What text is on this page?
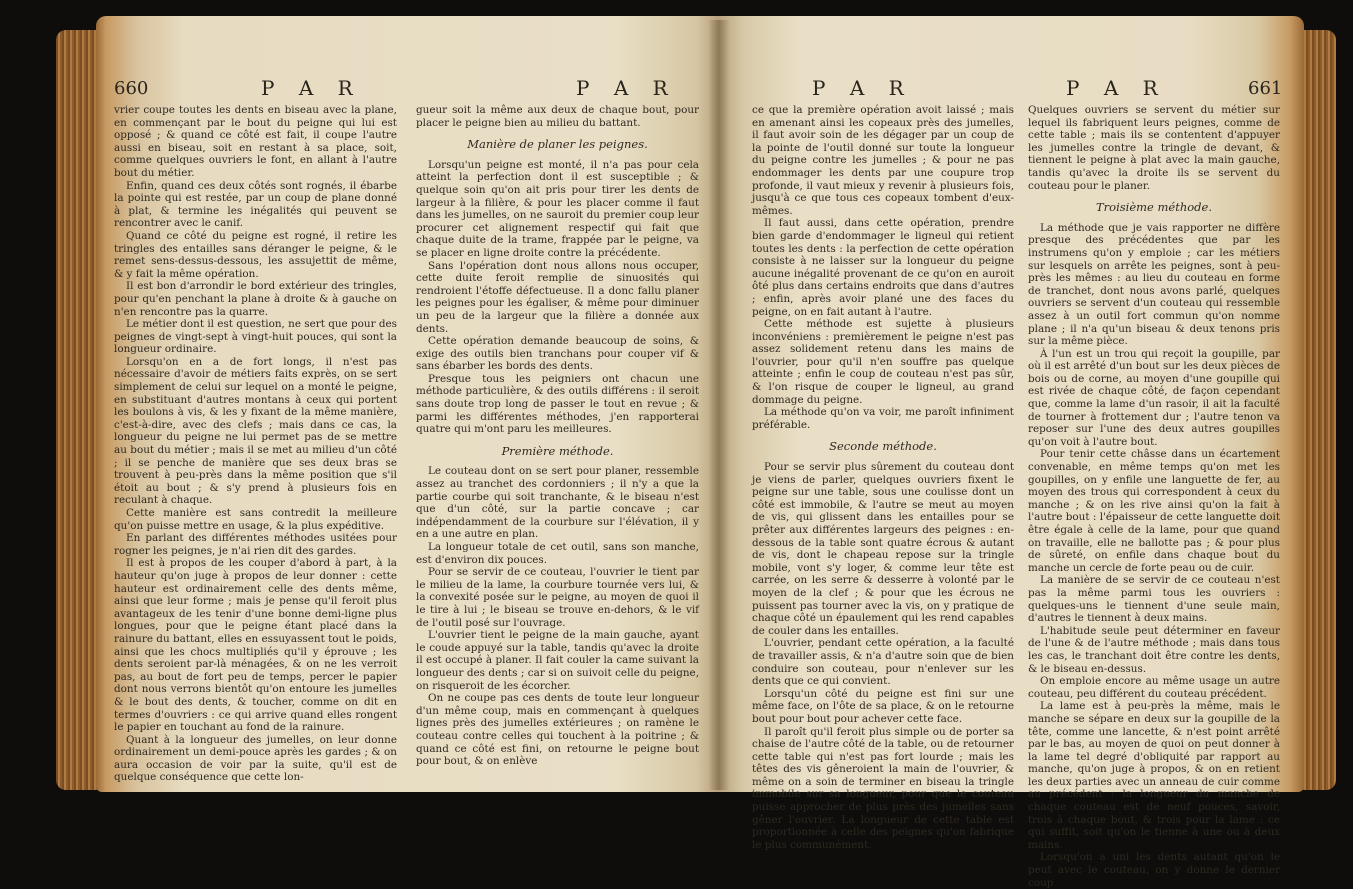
660	P A R	P A R

vrier coupe toutes les dents en biseau avec la plane, en commençant par le bout du peigne qui lui est opposé ; & quand ce côté est fait, il coupe l'autre aussi en biseau, soit en restant à sa place, soit, comme quelques ouvriers le font, en allant à l'autre bout du métier.

Enfin, quand ces deux côtés sont rognés, il ébarbe la pointe qui est restée, par un coup de plane donné à plat, & termine les inégalités qui peuvent se rencontrer avec le canif.

Quand ce côté du peigne est rogné, il retire les tringles des entailles sans déranger le peigne, & le remet sens-dessus-dessous, les assujettit de même, & y fait la même opération.

Il est bon d'arrondir le bord extérieur des tringles, pour qu'en penchant la plane à droite & à gauche on n'en rencontre pas la quarre.

Le métier dont il est question, ne sert que pour des peignes de vingt-sept à vingt-huit pouces, qui sont la longueur ordinaire.

Lorsqu'on en a de fort longs, il n'est pas nécessaire d'avoir de métiers faits exprès, on se sert simplement de celui sur lequel on a monté le peigne, en substituant d'autres montans à ceux qui portent les boulons à vis, & les y fixant de la même manière, c'est-à-dire, avec des clefs ; mais dans ce cas, la longueur du peigne ne lui permet pas de se mettre au bout du métier ; mais il se met au milieu d'un côté ; il se penche de manière que ses deux bras se trouvent à peu-près dans la même position que s'il étoit au bout ; & s'y prend à plusieurs fois en reculant à chaque.

Cette manière est sans contredit la meilleure qu'on puisse mettre en usage, & la plus expéditive.

En parlant des différentes méthodes usitées pour rogner les peignes, je n'ai rien dit des gardes.

Il est à propos de les couper d'abord à part, à la hauteur qu'on juge à propos de leur donner : cette hauteur est ordinairement celle des dents même, ainsi que leur forme ; mais je pense qu'il feroit plus avantageux de les tenir d'une bonne demi-ligne plus longues, pour que le peigne étant placé dans la rainure du battant, elles en essuyassent tout le poids, ainsi que les chocs multipliés qu'il y éprouve ; les dents seroient par-là ménagées, & on ne les verroit pas, au bout de fort peu de temps, percer le papier dont nous verrons bientôt qu'on entoure les jumelles & le bout des dents, & toucher, comme on dit en termes d'ouvriers : ce qui arrive quand elles rongent le papier en touchant au fond de la rainure.

Quant à la longueur des jumelles, on leur donne ordinairement un demi-pouce après les gardes ; & on aura occasion de voir par la suite, qu'il est de quelque conséquence que cette lon-

gueur soit la même aux deux de chaque bout, pour placer le peigne bien au milieu du battant.

Manière de planer les peignes.

Lorsqu'un peigne est monté, il n'a pas pour cela atteint la perfection dont il est susceptible ; & quelque soin qu'on ait pris pour tirer les dents de largeur à la filière, & pour les placer comme il faut dans les jumelles, on ne sauroit du premier coup leur procurer cet alignement respectif qui fait que chaque duite de la trame, frappée par le peigne, va se placer en ligne droite contre la précédente.

Sans l'opération dont nous allons nous occuper, cette duite feroit remplie de sinuosités qui rendroient l'étoffe défectueuse. Il a donc fallu planer les peignes pour les égaliser, & même pour diminuer un peu de la largeur que la filière a donnée aux dents.

Cette opération demande beaucoup de soins, & exige des outils bien tranchans pour couper vif & sans ébarber les bords des dents.

Presque tous les peigniers ont chacun une méthode particulière, & des outils différens : il seroit sans doute trop long de passer le tout en revue ; & parmi les différentes méthodes, j'en rapporterai quatre qui m'ont paru les meilleures.

Première méthode.

Le couteau dont on se sert pour planer, ressemble assez au tranchet des cordonniers ; il n'y a que la partie courbe qui soit tranchante, & le biseau n'est que d'un côté, sur la partie concave ; car indépendamment de la courbure sur l'élévation, il y en a une autre en plan.

La longueur totale de cet outil, sans son manche, est d'environ dix pouces.

Pour se servir de ce couteau, l'ouvrier le tient par le milieu de la lame, la courbure tournée vers lui, & la convexité posée sur le peigne, au moyen de quoi il le tire à lui ; le biseau se trouve en-dehors, & le vif de l'outil posé sur l'ouvrage.

L'ouvrier tient le peigne de la main gauche, ayant le coude appuyé sur la table, tandis qu'avec la droite il est occupé à planer. Il fait couler la came suivant la longueur des dents ; car si on suivoit celle du peigne, on risqueroit de les écorcher.

On ne coupe pas ces dents de toute leur longueur d'un même coup, mais en commençant à quelques lignes près des jumelles extérieures ; on ramène le couteau contre celles qui touchent à la poitrine ; & quand ce côté est fini, on retourne le peigne bout pour bout, & on enlève

P A R	P A R	661

ce que la première opération avoit laissé ; mais en amenant ainsi les copeaux près des jumelles, il faut avoir soin de les dégager par un coup de la pointe de l'outil donné sur toute la longueur du peigne contre les jumelles ; & pour ne pas endommager les dents par une coupure trop profonde, il vaut mieux y revenir à plusieurs fois, jusqu'à ce que tous ces copeaux tombent d'eux-mêmes.

Il faut aussi, dans cette opération, prendre bien garde d'endommager le ligneul qui retient toutes les dents : la perfection de cette opération consiste à ne laisser sur la longueur du peigne aucune inégalité provenant de ce qu'on en auroit ôté plus dans certains endroits que dans d'autres ; enfin, après avoir plané une des faces du peigne, on en fait autant à l'autre.

Cette méthode est sujette à plusieurs inconvéniens : premièrement le peigne n'est pas assez solidement retenu dans les mains de l'ouvrier, pour qu'il n'en souffre pas quelque atteinte ; enfin le coup de couteau n'est pas sûr, & l'on risque de couper le ligneul, au grand dommage du peigne.

La méthode qu'on va voir, me paroît infiniment préférable.

Seconde méthode.

Pour se servir plus sûrement du couteau dont je viens de parler, quelques ouvriers fixent le peigne sur une table, sous une coulisse dont un côté est immobile, & l'autre se meut au moyen de vis, qui glissent dans les entailles pour se prêter aux différentes largeurs des peignes : en-dessous de la table sont quatre écrous & autant de vis, dont le chapeau repose sur la tringle mobile, vont s'y loger, & comme leur tête est carrée, on les serre & desserre à volonté par le moyen de la clef ; & pour que les écrous ne puissent pas tourner avec la vis, on y pratique de chaque côté un épaulement qui les rend capables de couler dans les entailles.

L'ouvrier, pendant cette opération, a la faculté de travailler assis, & n'a d'autre soin que de bien conduire son couteau, pour n'enlever sur les dents que ce qui convient.

Lorsqu'un côté du peigne est fini sur une même face, on l'ôte de sa place, & on le retourne bout pour bout pour achever cette face.

Il paroît qu'il feroit plus simple ou de porter sa chaise de l'autre côté de la table, ou de retourner cette table qui n'est pas fort lourde ; mais les têtes des vis gêneroient la main de l'ouvrier, & même on a soin de terminer en biseau la tringle immobile sur sa longueur, pour que le couteau puisse approcher de plus près des jumelles sans gêner l'ouvrier. La longueur de cette table est proportionnée à celle des peignes qu'on fabrique le plus communément.

Quelques ouvriers se servent du métier sur lequel ils fabriquent leurs peignes, comme de cette table ; mais ils se contentent d'appuyer les jumelles contre la tringle de devant, & tiennent le peigne à plat avec la main gauche, tandis qu'avec la droite ils se servent du couteau pour le planer.

Troisième méthode.

La méthode que je vais rapporter ne diffère presque des précédentes que par les instrumens qu'on y emploie ; car les métiers sur lesquels on arrête les peignes, sont à peu-près les mêmes : au lieu du couteau en forme de tranchet, dont nous avons parlé, quelques ouvriers se servent d'un couteau qui ressemble assez à un outil fort commun qu'on nomme plane ; il n'a qu'un biseau & deux tenons pris sur la même pièce.

À l'un est un trou qui reçoit la goupille, par où il est arrêté d'un bout sur les deux pièces de bois ou de corne, au moyen d'une goupille qui est rivée de chaque côté, de façon cependant que, comme la lame d'un rasoir, il ait la faculté de tourner à frottement dur ; l'autre tenon va reposer sur l'une des deux autres goupilles qu'on voit à l'autre bout.

Pour tenir cette châsse dans un écartement convenable, en même temps qu'on met les goupilles, on y enfile une languette de fer, au moyen des trous qui correspondent à ceux du manche ; & on les rive ainsi qu'on la fait à l'autre bout : l'épaisseur de cette languette doit être égale à celle de la lame, pour que quand on travaille, elle ne ballotte pas ; & pour plus de sûreté, on enfile dans chaque bout du manche un cercle de forte peau ou de cuir.

La manière de se servir de ce couteau n'est pas la même parmi tous les ouvriers : quelques-uns le tiennent d'une seule main, d'autres le tiennent à deux mains.

L'habitude seule peut déterminer en faveur de l'une & de l'autre méthode ; mais dans tous les cas, le tranchant doit être contre les dents, & le biseau en-dessus.

On emploie encore au même usage un autre couteau, peu différent du couteau précédent.

La lame est à peu-près la même, mais le manche se sépare en deux sur la goupille de la tête, comme une lancette, & n'est point arrêté par le bas, au moyen de quoi on peut donner à la lame tel degré d'obliquité par rapport au manche, qu'on juge à propos, & on en retient les deux parties avec un anneau de cuir comme au précédent : la longueur du manche de chaque couteau est de neuf pouces, savoir, trois à chaque bout, & trois pour la lame : ce qui suffit, soit qu'on le tienne à une ou à deux mains.

Lorsqu'on a uni les dents autant qu'on le peut avec le couteau, on y donne le dernier coup
